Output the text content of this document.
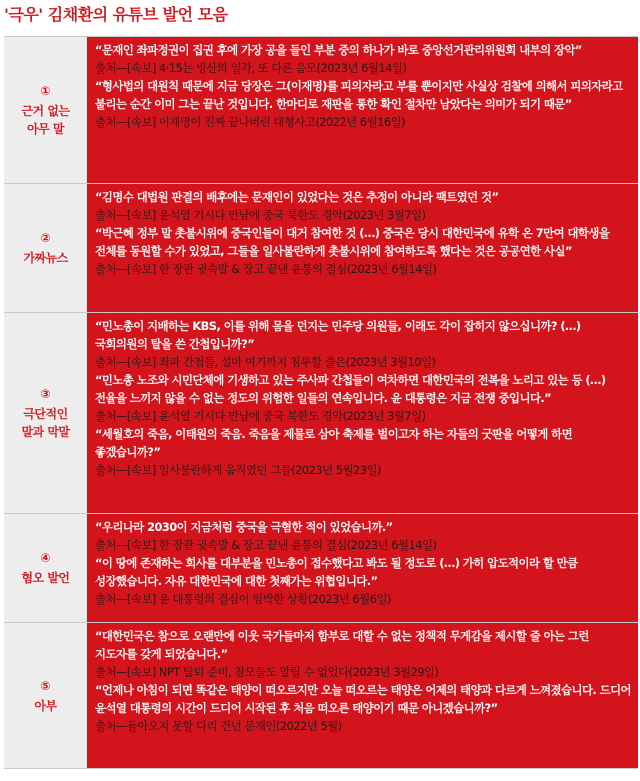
'극우' 김채환의 유튜브 발언 모음
①
근거 없는
아무 말
“문재인 좌파정권이 집권 후에 가장 공을 들인 부분 중의 하나가 바로 중앙선거관리위원회 내부의 장악”
출처—[속보] 4·15는 빙산의 일각, 또 다른 음모(2023년 6월14일)
“형사법의 대원칙 때문에 지금 당장은 그(이재명)를 피의자라고 부를 뿐이지만 사실상 검찰에 의해서 피의자라고 불리는 순간 이미 그는 끝난 것입니다. 한마디로 재판을 통한 확인 절차만 남았다는 의미가 되기 때문”
출처—[속보] 이재명이 진짜 끝나버린 대형사고(2022년 6월16일)
②
가짜뉴스
“김명수 대법원 판결의 배후에는 문재인이 있었다는 것은 추정이 아니라 팩트였던 것”
출처—[속보] 윤석열 기시다 만남에 중국 북한도 경악(2023년 3월7일)
“박근혜 정부 말 촛불시위에 중국인들이 대거 참여한 것 (…) 중국은 당시 대한민국에 유학 온 7만여 대학생을 전체를 동원할 수가 있었고, 그들을 일사불란하게 촛불시위에 참여하도록 했다는 것은 공공연한 사실”
출처—[속보] 한 장관 귓속말 & 장고 끝낸 윤통의 결심(2023년 6월14일)
③
극단적인
말과 막말
“민노총이 지배하는 KBS, 이를 위해 몸을 던지는 민주당 의원들, 이래도 각이 잡히지 않으십니까? (…) 국회의원의 탈을 쓴 간첩입니까?”
출처—[속보] 좌파 간첩들, 설마 여기까지 침투할 줄은(2023년 3월10일)
“민노총 노조와 시민단체에 기생하고 있는 주사파 간첩들이 여차하면 대한민국의 전복을 노리고 있는 등 (…) 전율을 느끼지 않을 수 없는 정도의 위험한 일들의 연속입니다. 윤 대통령은 지금 전쟁 중입니다.”
출처—[속보] 윤석열 기시다 만남에 중국 북한도 경악(2023년 3월7일)
“세월호의 죽음, 이태원의 죽음. 죽음을 제물로 삼아 축제를 벌이고자 하는 자들의 굿판을 어떻게 하면 좋겠습니까?”
출처—[속보] 일사불란하게 움직였던 그들(2023년 5월23일)
④
혐오 발언
“우리나라 2030이 지금처럼 중국을 극혐한 적이 있었습니까.”
출처—[속보] 한 장관 귓속말 & 장고 끝낸 윤통의 결심(2023년 6월14일)
“이 땅에 존재하는 회사를 대부분을 민노총이 접수했다고 봐도 될 정도로 (…) 가히 압도적이라 할 만큼 성장했습니다. 자유 대한민국에 대한 첫째가는 위협입니다.”
출처—[속보] 윤 대통령의 결심이 임박한 상황(2023년 6월6일)
⑤
아부
“대한민국은 참으로 오랜만에 이웃 국가들마저 함부로 대할 수 없는 정책적 무게감을 제시할 줄 아는 그런 지도자를 갖게 되었습니다.”
출처—[속보] NPT 탈퇴 준비, 참모들도 말릴 수 없었다(2023년 3월29일)
“언제나 아침이 되면 똑같은 태양이 떠오르지만 오늘 떠오르는 태양은 어제의 태양과 다르게 느껴졌습니다. 드디어 윤석열 대통령의 시간이 드디어 시작된 후 처음 떠오른 태양이기 때문 아니겠습니까?”
출처—돌아오지 못할 다리 건넌 문재인(2022년 5월)
